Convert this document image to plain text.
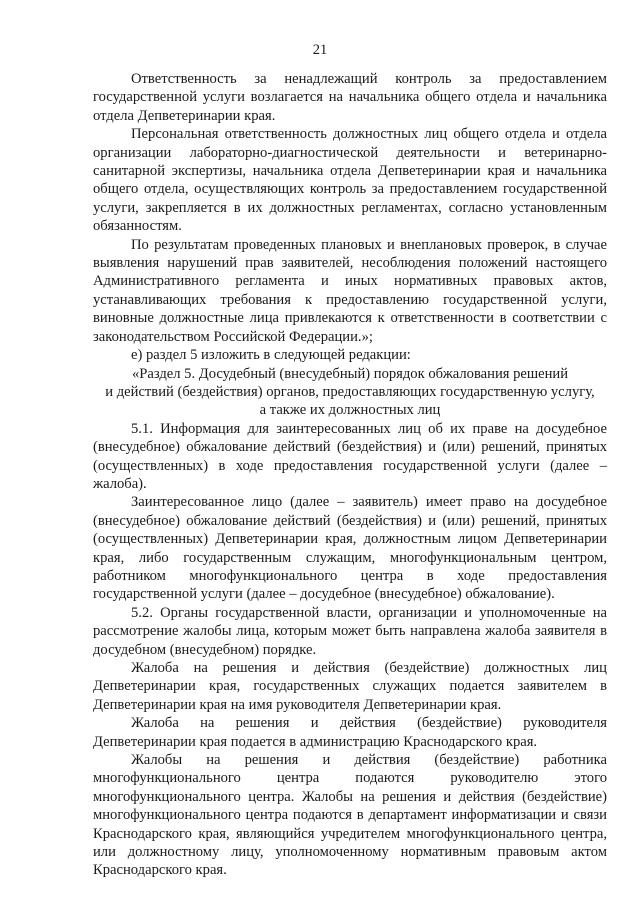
21

Ответственность за ненадлежащий контроль за предоставлением государственной услуги возлагается на начальника общего отдела и начальника отдела Депветеринарии края.

Персональная ответственность должностных лиц общего отдела и отдела организации лабораторно-диагностической деятельности и ветеринарно-санитарной экспертизы, начальника отдела Депветеринарии края и начальника общего отдела, осуществляющих контроль за предоставлением государственной услуги, закрепляется в их должностных регламентах, согласно установленным обязанностям.

По результатам проведенных плановых и внеплановых проверок, в случае выявления нарушений прав заявителей, несоблюдения положений настоящего Административного регламента и иных нормативных правовых актов, устанавливающих требования к предоставлению государственной услуги, виновные должностные лица привлекаются к ответственности в соответствии с законодательством Российской Федерации.»;

е) раздел 5 изложить в следующей редакции:

«Раздел 5. Досудебный (внесудебный) порядок обжалования решений

и действий (бездействия) органов, предоставляющих государственную услугу,

а также их должностных лиц

5.1. Информация для заинтересованных лиц об их праве на досудебное (внесудебное) обжалование действий (бездействия) и (или) решений, принятых (осуществленных) в ходе предоставления государственной услуги (далее – жалоба).

Заинтересованное лицо (далее – заявитель) имеет право на досудебное (внесудебное) обжалование действий (бездействия) и (или) решений, принятых (осуществленных) Депветеринарии края, должностным лицом Депветеринарии края, либо государственным служащим, многофункциональным центром, работником многофункционального центра в ходе предоставления государственной услуги (далее – досудебное (внесудебное) обжалование).

5.2. Органы государственной власти, организации и уполномоченные на рассмотрение жалобы лица, которым может быть направлена жалоба заявителя в досудебном (внесудебном) порядке.

Жалоба на решения и действия (бездействие) должностных лиц Депветеринарии края, государственных служащих подается заявителем в Депветеринарии края на имя руководителя Депветеринарии края.

Жалоба на решения и действия (бездействие) руководителя Депветеринарии края подается в администрацию Краснодарского края.

Жалобы на решения и действия (бездействие) работника многофункционального центра подаются руководителю этого многофункционального центра. Жалобы на решения и действия (бездействие) многофункционального центра подаются в департамент информатизации и связи Краснодарского края, являющийся учредителем многофункционального центра, или должностному лицу, уполномоченному нормативным правовым актом Краснодарского края.
